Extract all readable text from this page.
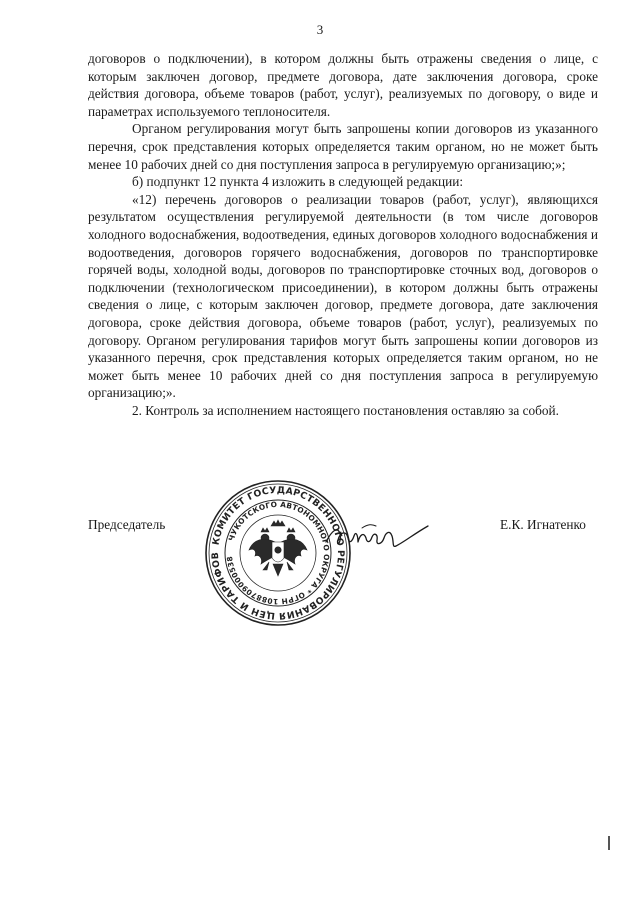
3

договоров о подключении), в котором должны быть отражены сведения о лице, с которым заключен договор, предмете договора, дате заключения договора, сроке действия договора, объеме товаров (работ, услуг), реализуемых по договору, о виде и параметрах используемого теплоносителя.

Органом регулирования могут быть запрошены копии договоров из указанного перечня, срок представления которых определяется таким органом, но не может быть менее 10 рабочих дней со дня поступления запроса в регулируемую организацию;»;

б) подпункт 12 пункта 4 изложить в следующей редакции:

«12) перечень договоров о реализации товаров (работ, услуг), являющихся результатом осуществления регулируемой деятельности (в том числе договоров холодного водоснабжения, водоотведения, единых договоров холодного водоснабжения и водоотведения, договоров горячего водоснабжения, договоров по транспортировке горячей воды, холодной воды, договоров по транспортировке сточных вод, договоров о подключении (технологическом присоединении), в котором должны быть отражены сведения о лице, с которым заключен договор, предмете договора, дате заключения договора, сроке действия договора, объеме товаров (работ, услуг), реализуемых по договору. Органом регулирования тарифов могут быть запрошены копии договоров из указанного перечня, срок представления которых определяется таким органом, но не может быть менее 10 рабочих дней со дня поступления запроса в регулируемую организацию;».

2. Контроль за исполнением настоящего постановления оставляю за собой.

Председатель	Е.К. Игнатенко
КОМИТЕТ ГОСУДАРСТВЕННОГО РЕГУЛИРОВАНИЯ ЦЕН И ТАРИФОВ
ЧУКОТСКОГО АВТОНОМНОГО ОКРУГА * ОГРН 1088709000538
